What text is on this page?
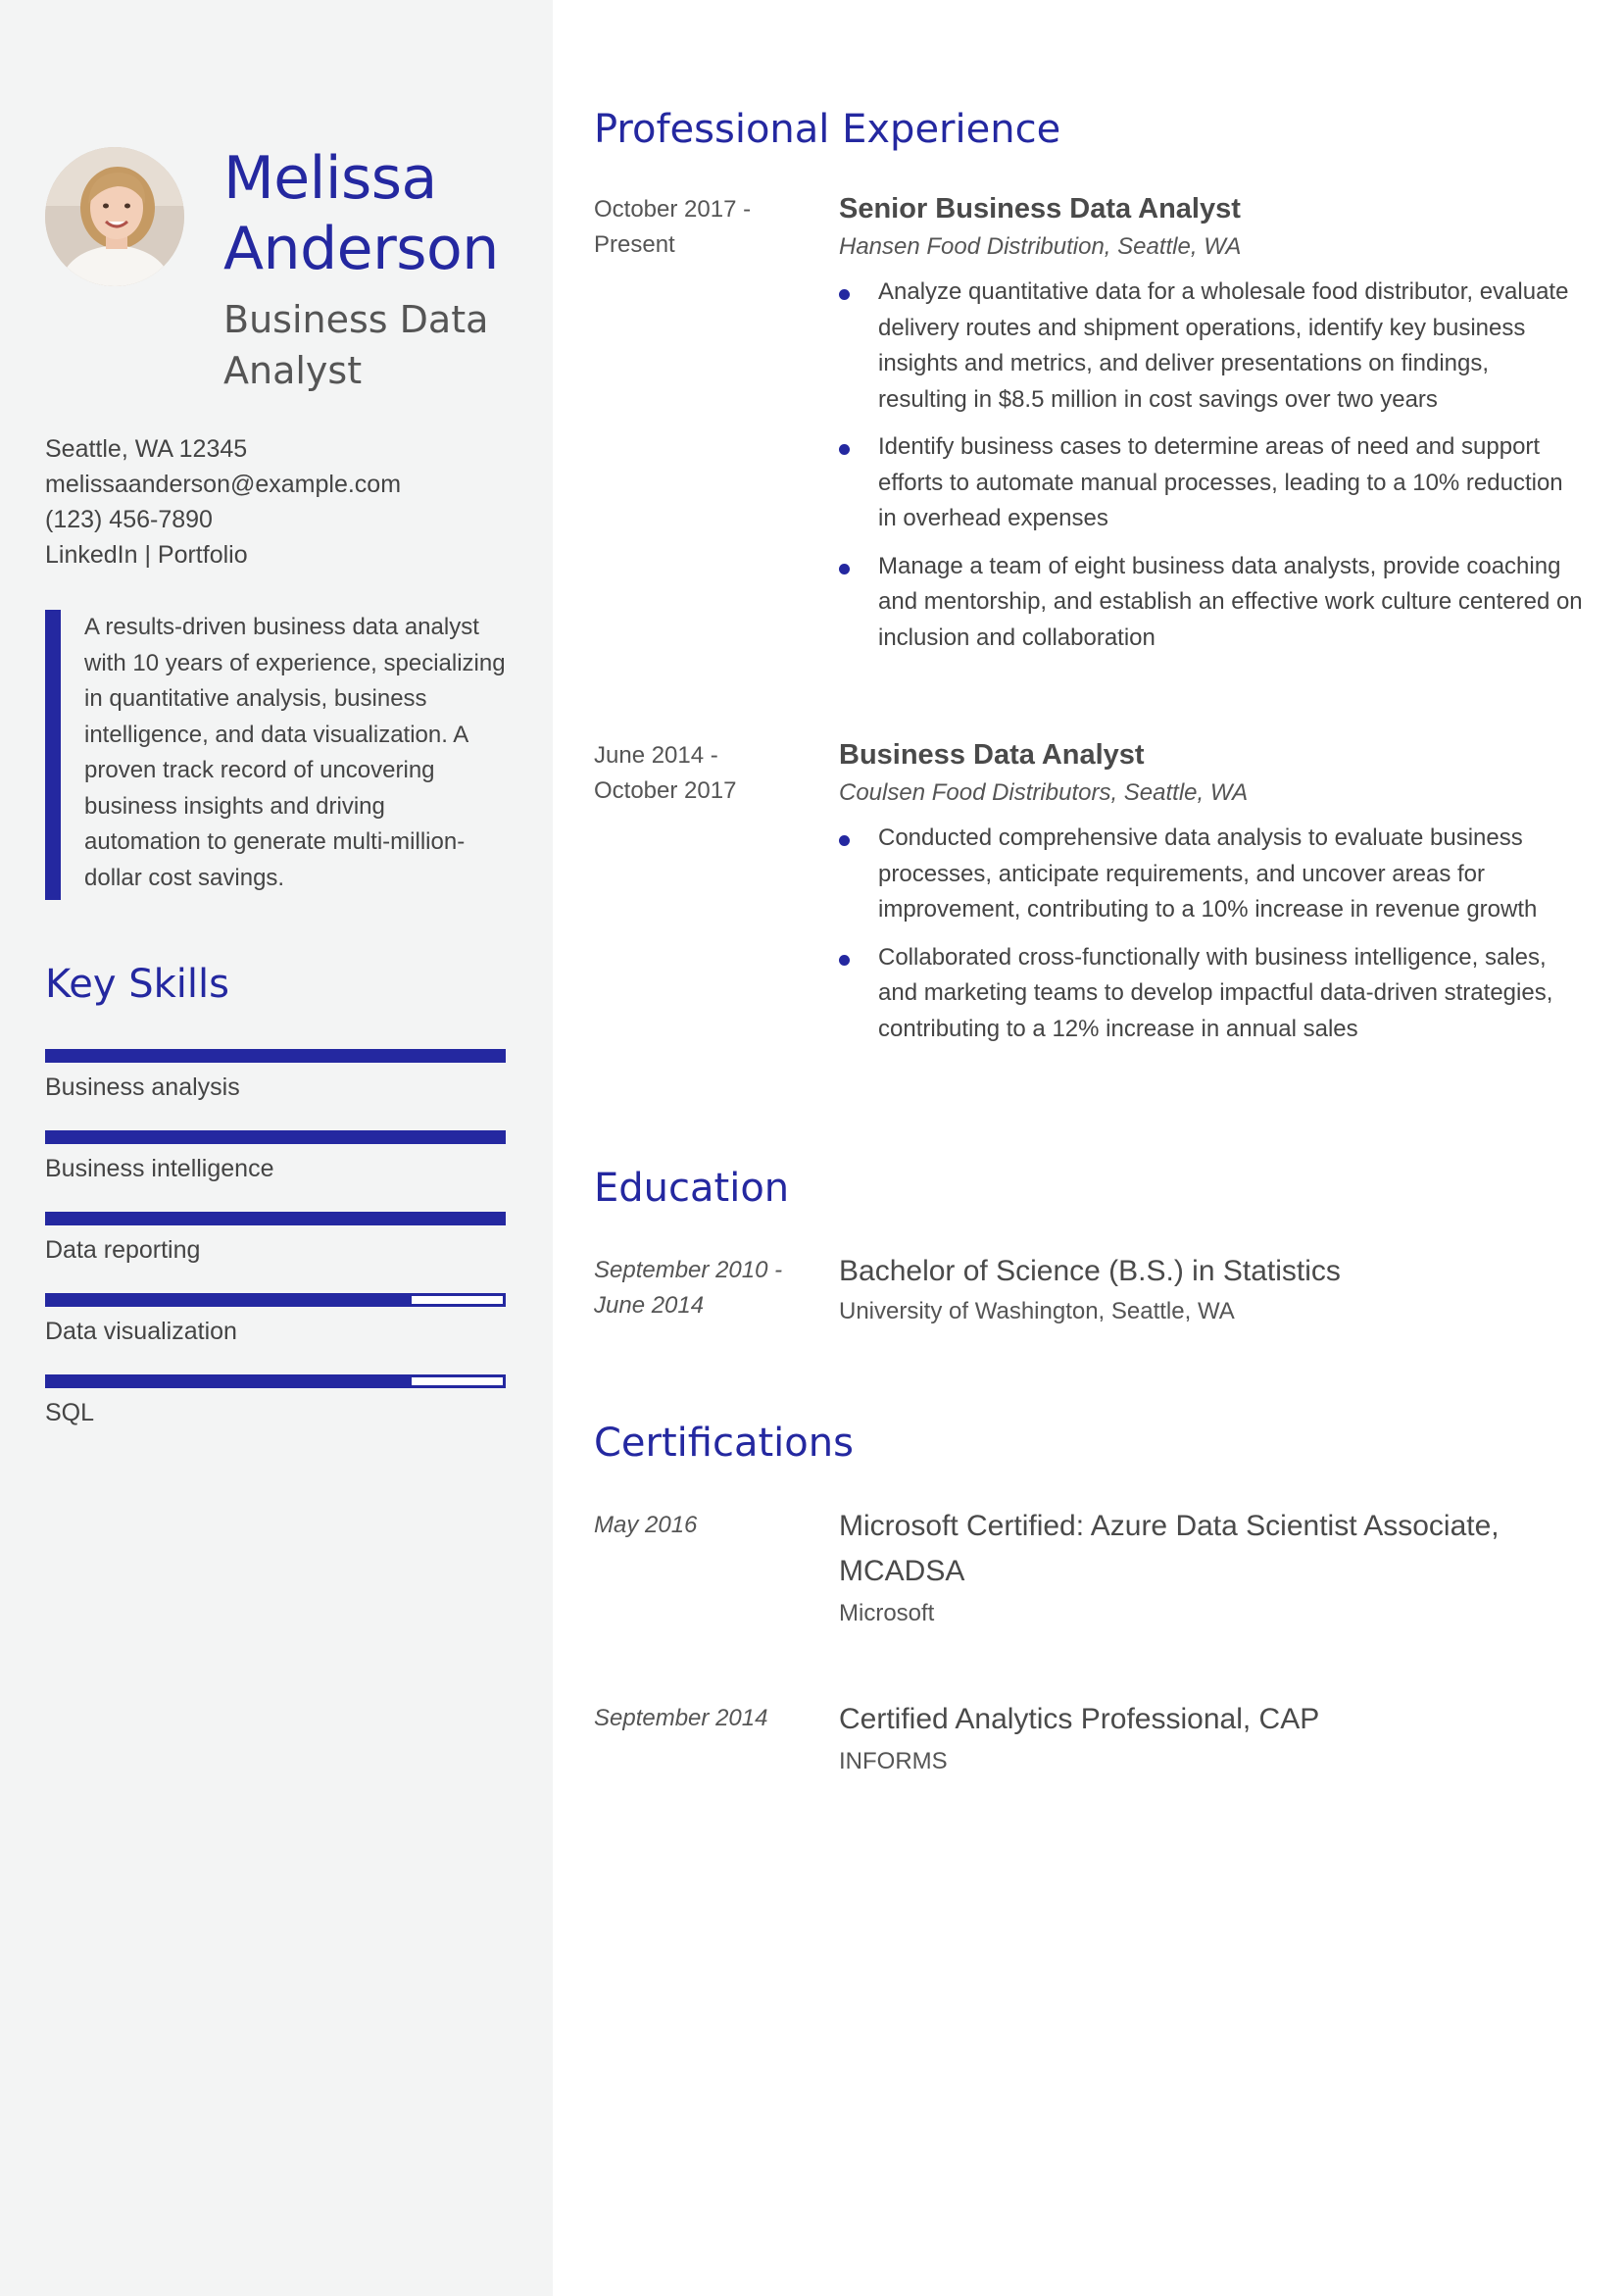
Melissa
Anderson
Business Data
Analyst
Seattle, WA 12345
melissaanderson@example.com
(123) 456-7890
LinkedIn | Portfolio
A results-driven business data analyst with 10 years of experience, specializing in quantitative analysis, business intelligence, and data visualization. A proven track record of uncovering business insights and driving automation to generate multi-million-dollar cost savings.
Key Skills
Business analysis
Business intelligence
Data reporting
Data visualization
SQL
Professional Experience
October 2017 -
Present
Senior Business Data Analyst
Hansen Food Distribution, Seattle, WA
Analyze quantitative data for a wholesale food distributor, evaluate delivery routes and shipment operations, identify key business insights and metrics, and deliver presentations on findings, resulting in $8.5 million in cost savings over two years
Identify business cases to determine areas of need and support efforts to automate manual processes, leading to a 10% reduction in overhead expenses
Manage a team of eight business data analysts, provide coaching and mentorship, and establish an effective work culture centered on inclusion and collaboration
June 2014 -
October 2017
Business Data Analyst
Coulsen Food Distributors, Seattle, WA
Conducted comprehensive data analysis to evaluate business processes, anticipate requirements, and uncover areas for improvement, contributing to a 10% increase in revenue growth
Collaborated cross-functionally with business intelligence, sales, and marketing teams to develop impactful data-driven strategies, contributing to a 12% increase in annual sales
Education
September 2010 -
June 2014
Bachelor of Science (B.S.) in Statistics
University of Washington, Seattle, WA
Certifications
May 2016	Microsoft Certified: Azure Data Scientist Associate, MCADSA
Microsoft
September 2014	Certified Analytics Professional, CAP
INFORMS
